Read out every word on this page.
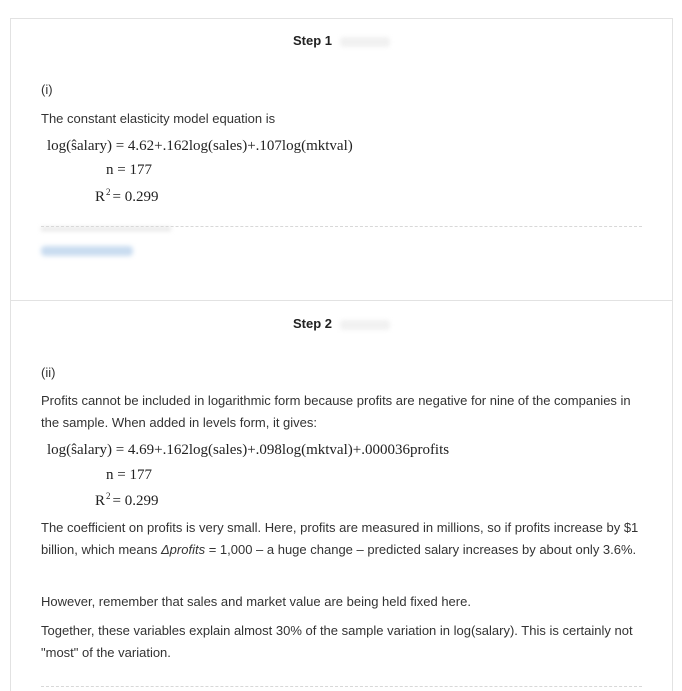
Step 1
(i)
The constant elasticity model equation is
log(ŝalary) = 4.62+.162log(sales)+.107log(mktval)
n = 177
$R^2 = 0.299$
Step 2
(ii)
Profits cannot be included in logarithmic form because profits are negative for nine of the companies in the sample. When added in levels form, it gives:
log(ŝalary) = 4.69+.162log(sales)+.098log(mktval)+.000036profits
n = 177
$R^2 = 0.299$
The coefficient on profits is very small. Here, profits are measured in millions, so if profits increase by $1 billion, which means Δprofits = 1,000 – a huge change – predicted salary increases by about only 3.6%.
However, remember that sales and market value are being held fixed here.
Together, these variables explain almost 30% of the sample variation in log(salary). This is certainly not "most" of the variation.
